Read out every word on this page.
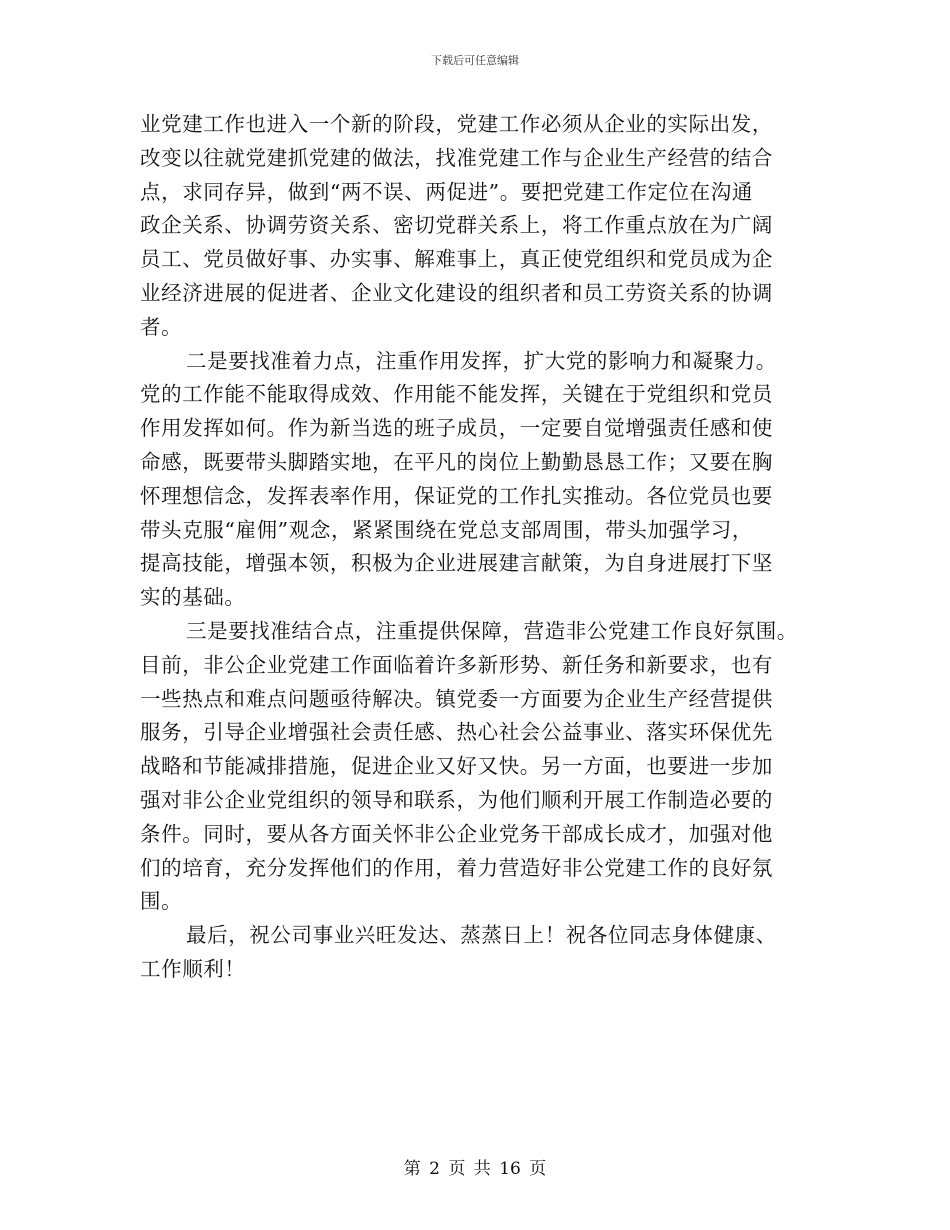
下载后可任意编辑
业党建工作也进入一个新的阶段，党建工作必须从企业的实际出发，
改变以往就党建抓党建的做法，找准党建工作与企业生产经营的结合
点，求同存异，做到“两不误、两促进”。要把党建工作定位在沟通
政企关系、协调劳资关系、密切党群关系上，将工作重点放在为广阔
员工、党员做好事、办实事、解难事上，真正使党组织和党员成为企
业经济进展的促进者、企业文化建设的组织者和员工劳资关系的协调
者。
二是要找准着力点，注重作用发挥，扩大党的影响力和凝聚力。
党的工作能不能取得成效、作用能不能发挥，关键在于党组织和党员
作用发挥如何。作为新当选的班子成员，一定要自觉增强责任感和使
命感，既要带头脚踏实地，在平凡的岗位上勤勤恳恳工作；又要在胸
怀理想信念，发挥表率作用，保证党的工作扎实推动。各位党员也要
带头克服“雇佣”观念，紧紧围绕在党总支部周围，带头加强学习，
提高技能，增强本领，积极为企业进展建言献策，为自身进展打下坚
实的基础。
三是要找准结合点，注重提供保障，营造非公党建工作良好氛围。
目前，非公企业党建工作面临着许多新形势、新任务和新要求，也有
一些热点和难点问题亟待解决。镇党委一方面要为企业生产经营提供
服务，引导企业增强社会责任感、热心社会公益事业、落实环保优先
战略和节能减排措施，促进企业又好又快。另一方面，也要进一步加
强对非公企业党组织的领导和联系，为他们顺利开展工作制造必要的
条件。同时，要从各方面关怀非公企业党务干部成长成才，加强对他
们的培育，充分发挥他们的作用，着力营造好非公党建工作的良好氛
围。
最后，祝公司事业兴旺发达、蒸蒸日上！祝各位同志身体健康、
工作顺利！
第 2 页 共 16 页
